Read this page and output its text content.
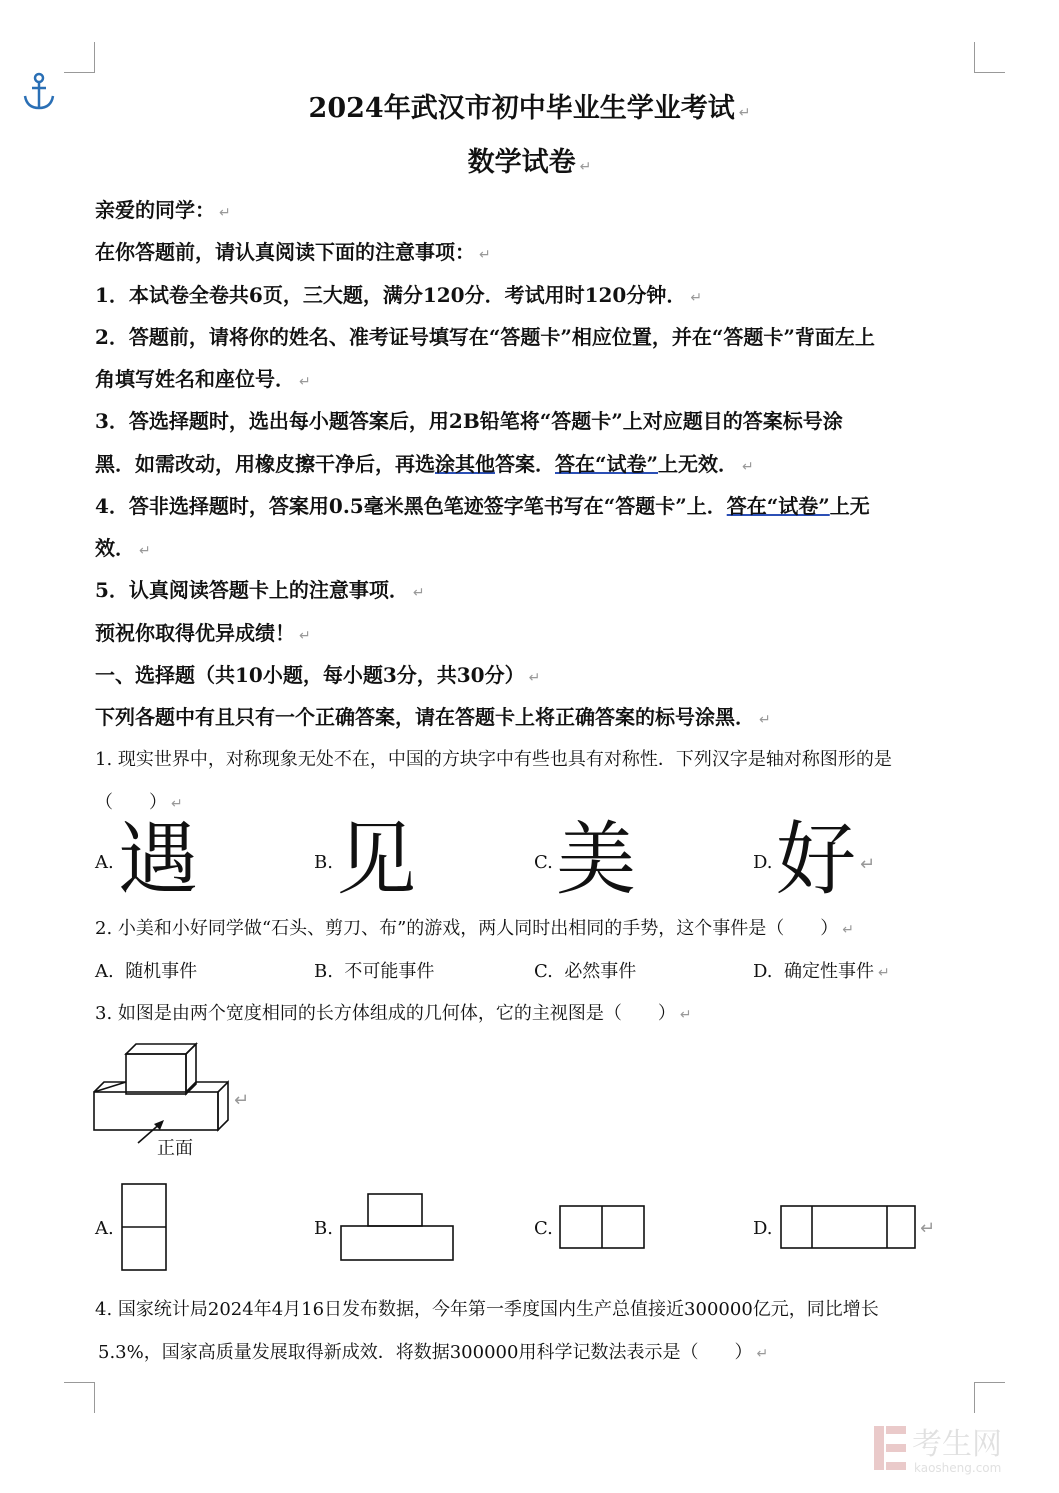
2024年武汉市初中毕业生学业考试 ↵
数学试卷 ↵
亲爱的同学： ↵
在你答题前，请认真阅读下面的注意事项： ↵
1．本试卷全卷共6页，三大题，满分120分．考试用时120分钟． ↵
2．答题前，请将你的姓名、准考证号填写在“答题卡”相应位置，并在“答题卡”背面左上
角填写姓名和座位号． ↵
3．答选择题时，选出每小题答案后，用2B铅笔将“答题卡”上对应题目的答案标号涂
黑．如需改动，用橡皮擦干净后，再选涂其他答案．答在“试卷”上无效． ↵
4．答非选择题时，答案用0.5毫米黑色笔迹签字笔书写在“答题卡”上．答在“试卷”上无
效． ↵
5．认真阅读答题卡上的注意事项． ↵
预祝你取得优异成绩！ ↵
一、选择题（共10小题，每小题3分，共30分） ↵
下列各题中有且只有一个正确答案，请在答题卡上将正确答案的标号涂黑． ↵
1. 现实世界中，对称现象无处不在，中国的方块字中有些也具有对称性．下列汉字是轴对称图形的是
（　　） ↵
A. 遇	B. 见	C. 美	D. 好 ↵
2. 小美和小好同学做“石头、剪刀、布”的游戏，两人同时出相同的手势，这个事件是（　　） ↵
A. 随机事件	B. 不可能事件	C. 必然事件	D. 确定性事件 ↵
3. 如图是由两个宽度相同的长方体组成的几何体，它的主视图是（　　） ↵
正面
↵
A.	B.	C.	D.	↵
4. 国家统计局2024年4月16日发布数据，今年第一季度国内生产总值接近300000亿元，同比增长
5.3%，国家高质量发展取得新成效．将数据300000用科学记数法表示是（　　） ↵
考生网
kaosheng.com
